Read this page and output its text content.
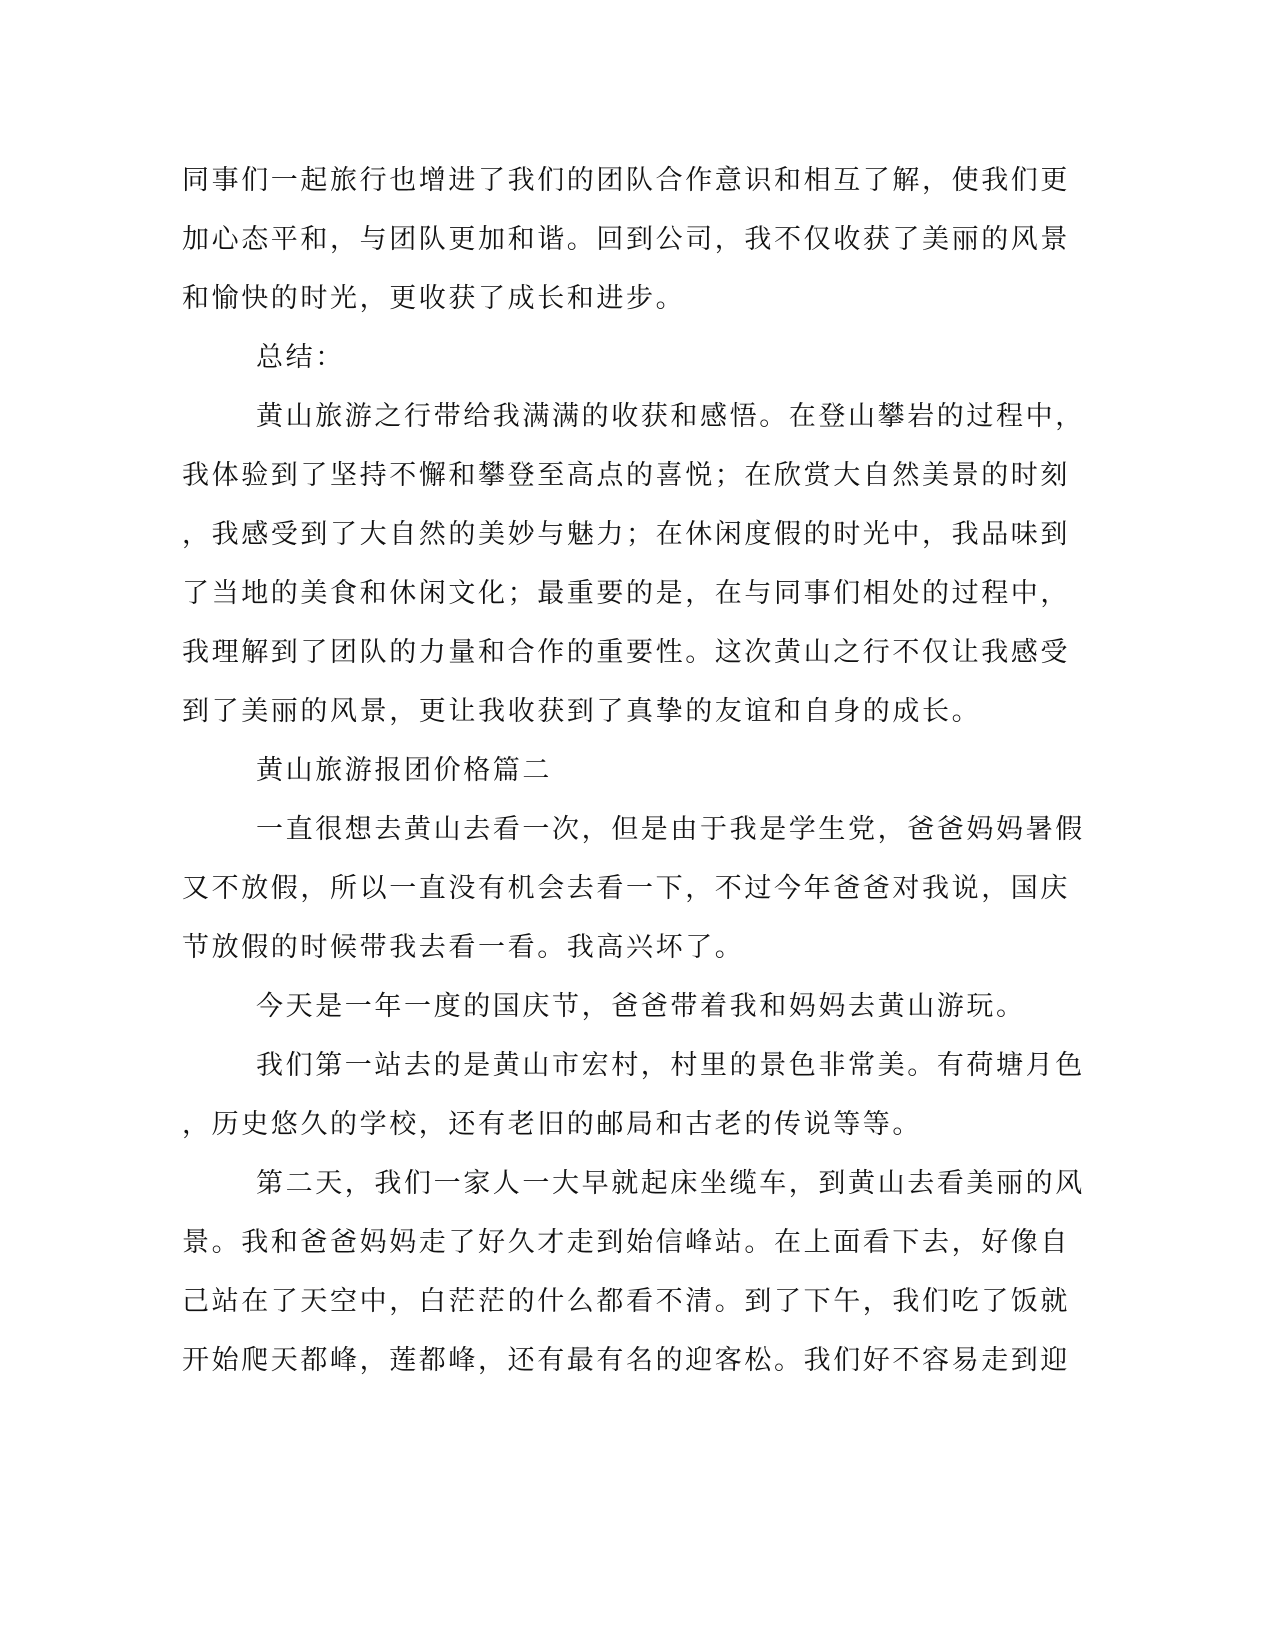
同事们一起旅行也增进了我们的团队合作意识和相互了解，使我们更
加心态平和，与团队更加和谐。回到公司，我不仅收获了美丽的风景
和愉快的时光，更收获了成长和进步。
总结：
黄山旅游之行带给我满满的收获和感悟。在登山攀岩的过程中，
我体验到了坚持不懈和攀登至高点的喜悦；在欣赏大自然美景的时刻
，我感受到了大自然的美妙与魅力；在休闲度假的时光中，我品味到
了当地的美食和休闲文化；最重要的是，在与同事们相处的过程中，
我理解到了团队的力量和合作的重要性。这次黄山之行不仅让我感受
到了美丽的风景，更让我收获到了真挚的友谊和自身的成长。
黄山旅游报团价格篇二
一直很想去黄山去看一次，但是由于我是学生党，爸爸妈妈暑假
又不放假，所以一直没有机会去看一下，不过今年爸爸对我说，国庆
节放假的时候带我去看一看。我高兴坏了。
今天是一年一度的国庆节，爸爸带着我和妈妈去黄山游玩。
我们第一站去的是黄山市宏村，村里的景色非常美。有荷塘月色
，历史悠久的学校，还有老旧的邮局和古老的传说等等。
第二天，我们一家人一大早就起床坐缆车，到黄山去看美丽的风
景。我和爸爸妈妈走了好久才走到始信峰站。在上面看下去，好像自
己站在了天空中，白茫茫的什么都看不清。到了下午，我们吃了饭就
开始爬天都峰，莲都峰，还有最有名的迎客松。我们好不容易走到迎
